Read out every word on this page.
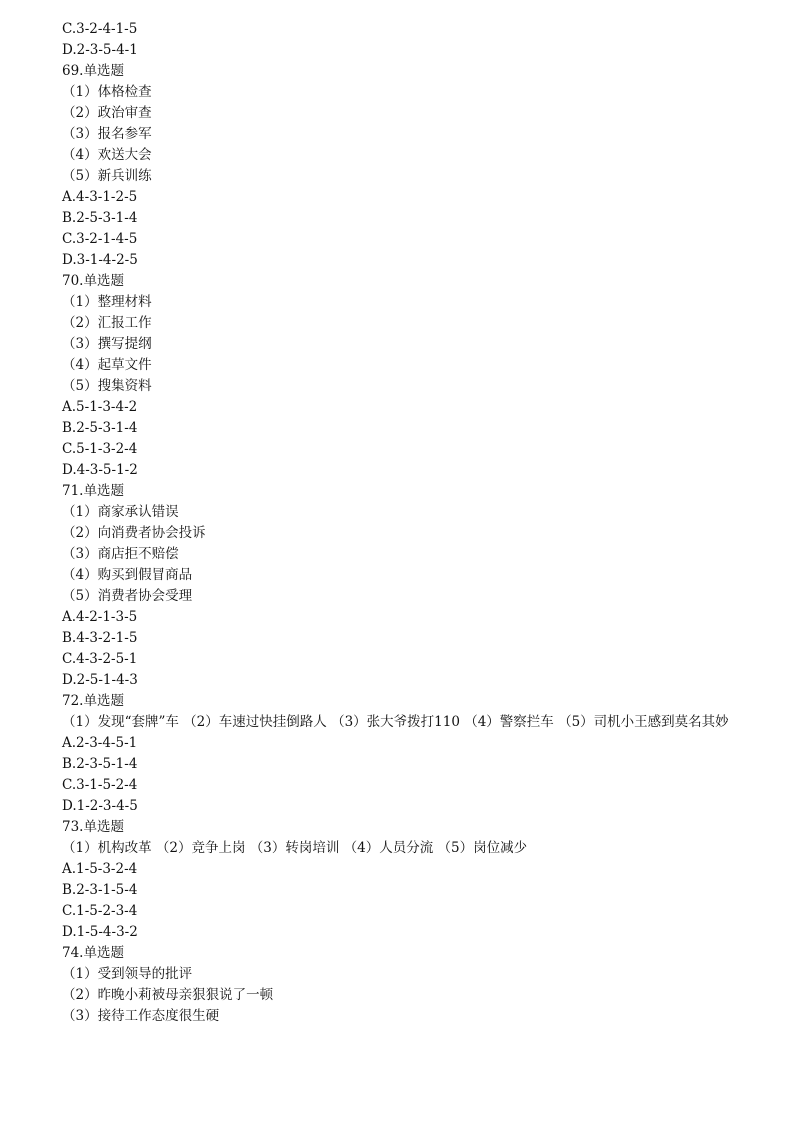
C.3-2-4-1-5
D.2-3-5-4-1
69.单选题
（1）体格检查
（2）政治审查
（3）报名参军
（4）欢送大会
（5）新兵训练
A.4-3-1-2-5
B.2-5-3-1-4
C.3-2-1-4-5
D.3-1-4-2-5
70.单选题
（1）整理材料
（2）汇报工作
（3）撰写提纲
（4）起草文件
（5）搜集资料
A.5-1-3-4-2
B.2-5-3-1-4
C.5-1-3-2-4
D.4-3-5-1-2
71.单选题
（1）商家承认错误
（2）向消费者协会投诉
（3）商店拒不赔偿
（4）购买到假冒商品
（5）消费者协会受理
A.4-2-1-3-5
B.4-3-2-1-5
C.4-3-2-5-1
D.2-5-1-4-3
72.单选题
（1）发现“套牌”车 （2）车速过快挂倒路人 （3）张大爷拨打110 （4）警察拦车 （5）司机小王感到莫名其妙
A.2-3-4-5-1
B.2-3-5-1-4
C.3-1-5-2-4
D.1-2-3-4-5
73.单选题
（1）机构改革 （2）竞争上岗 （3）转岗培训 （4）人员分流 （5）岗位减少
A.1-5-3-2-4
B.2-3-1-5-4
C.1-5-2-3-4
D.1-5-4-3-2
74.单选题
（1）受到领导的批评
（2）昨晚小莉被母亲狠狠说了一顿
（3）接待工作态度很生硬
